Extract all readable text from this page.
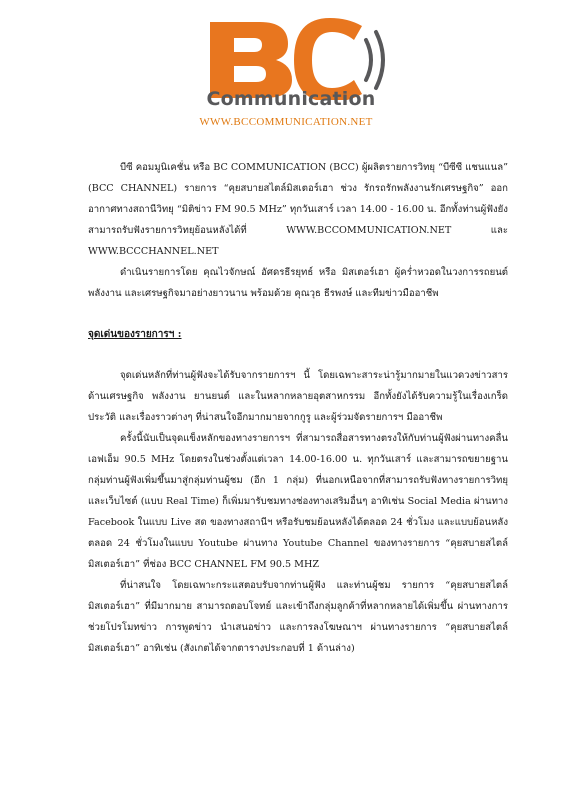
Communication
WWW.BCCOMMUNICATION.NET

บีซี คอมมูนิเคชั่น หรือ BC COMMUNICATION (BCC) ผู้ผลิตรายการวิทยุ “บีซีซี แชนแนล” (BCC CHANNEL) รายการ “คุยสบายสไตล์มิสเตอร์เฮา ช่วง รักรถรักพลังงานรักเศรษฐกิจ” ออกอากาศทางสถานีวิทยุ “มิติข่าว FM 90.5 MHz” ทุกวันเสาร์ เวลา 14.00 - 16.00 น. อีกทั้งท่านผู้ฟังยังสามารถรับฟังรายการวิทยุย้อนหลังได้ที่ WWW.BCCOMMUNICATION.NET และ WWW.BCCCHANNEL.NET

ดำเนินรายการโดย คุณไวจักษณ์ อัศดรธีรยุทธ์ หรือ มิสเตอร์เฮา ผู้คร่ำหวอดในวงการรถยนต์ พลังงาน และเศรษฐกิจมาอย่างยาวนาน พร้อมด้วย คุณวุธ ธีรพงษ์ และทีมข่าวมืออาชีพ

จุดเด่นของรายการฯ :

จุดเด่นหลักที่ท่านผู้ฟังจะได้รับจากรายการฯ นี้ โดยเฉพาะสาระน่ารู้มากมายในแวดวงข่าวสารด้านเศรษฐกิจ พลังงาน ยานยนต์ และในหลากหลายอุตสาหกรรม อีกทั้งยังได้รับความรู้ในเรื่องเกร็ดประวัติ และเรื่องราวต่างๆ ที่น่าสนใจอีกมากมายจากกูรู และผู้ร่วมจัดรายการฯ มืออาชีพ

ครั้งนี้นับเป็นจุดแข็งหลักของทางรายการฯ ที่สามารถสื่อสารทางตรงให้กับท่านผู้ฟังผ่านทางคลื่นเอฟเอ็ม 90.5 MHz โดยตรงในช่วงตั้งแต่เวลา 14.00-16.00 น. ทุกวันเสาร์ และสามารถขยายฐานกลุ่มท่านผู้ฟังเพิ่มขึ้นมาสู่กลุ่มท่านผู้ชม (อีก 1 กลุ่ม) ที่นอกเหนือจากที่สามารถรับฟังทางรายการวิทยุ และเว็บไซต์ (แบบ Real Time) ก็เพิ่มมารับชมทางช่องทางเสริมอื่นๆ อาทิเช่น Social Media ผ่านทาง Facebook ในแบบ Live สด ของทางสถานีฯ หรือรับชมย้อนหลังได้ตลอด 24 ชั่วโมง และแบบย้อนหลังตลอด 24 ชั่วโมงในแบบ Youtube ผ่านทาง Youtube Channel ของทางรายการ “คุยสบายสไตล์มิสเตอร์เฮา” ที่ช่อง BCC CHANNEL FM 90.5 MHZ

ที่น่าสนใจ โดยเฉพาะกระแสตอบรับจากท่านผู้ฟัง และท่านผู้ชม รายการ “คุยสบายสไตล์มิสเตอร์เฮา” ที่มีมากมาย สามารถตอบโจทย์ และเข้าถึงกลุ่มลูกค้าที่หลากหลายได้เพิ่มขึ้น ผ่านทางการช่วยโปรโมทข่าว การพูดข่าว นำเสนอข่าว และการลงโฆษณาฯ ผ่านทางรายการ “คุยสบายสไตล์มิสเตอร์เฮา” อาทิเช่น (สังเกตได้จากตารางประกอบที่ 1 ด้านล่าง)
